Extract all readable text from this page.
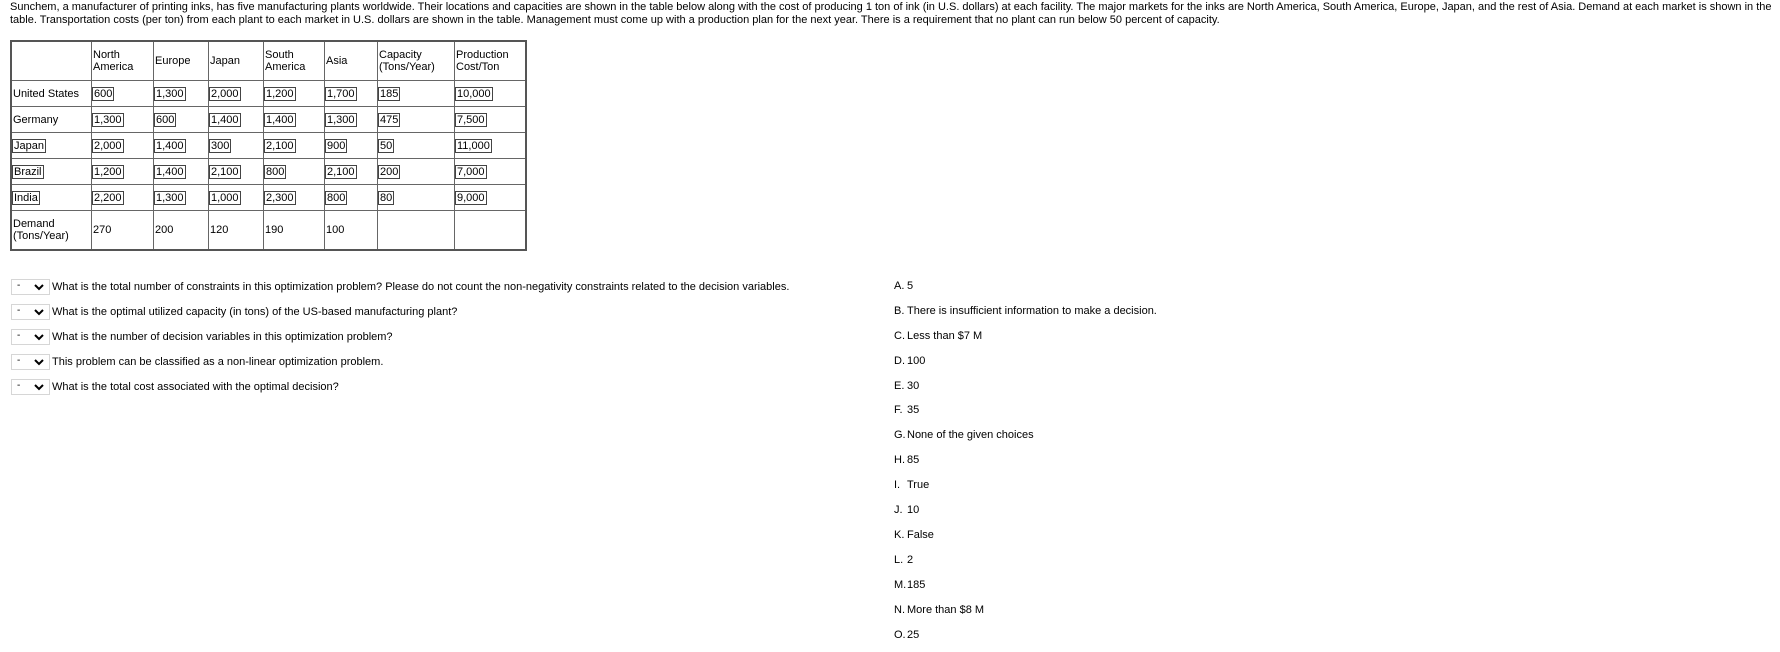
Sunchem, a manufacturer of printing inks, has five manufacturing plants worldwide. Their locations and capacities are shown in the table below along with the cost of producing 1 ton of ink (in U.S. dollars) at each facility. The major markets for the inks are North America, South America, Europe, Japan, and the rest of Asia. Demand at each market is shown in the table. Transportation costs (per ton) from each plant to each market in U.S. dollars are shown in the table. Management must come up with a production plan for the next year. There is a requirement that no plant can run below 50 percent of capacity.

	North America	Europe	Japan	South America	Asia	Capacity (Tons/Year)	Production Cost/Ton
United States	600	1,300	2,000	1,200	1,700	185	10,000
Germany	1,300	600	1,400	1,400	1,300	475	7,500
Japan	2,000	1,400	300	2,100	900	50	11,000
Brazil	1,200	1,400	2,100	800	2,100	200	7,000
India	2,200	1,300	1,000	2,300	800	80	9,000
Demand (Tons/Year)	270	200	120	190	100		
-	What is the total number of constraints in this optimization problem? Please do not count the non-negativity constraints related to the decision variables.
-	What is the optimal utilized capacity (in tons) of the US-based manufacturing plant?
-	What is the number of decision variables in this optimization problem?
-	This problem can be classified as a non-linear optimization problem.
-	What is the total cost associated with the optimal decision?
A. 5
B. There is insufficient information to make a decision.
C. Less than $7 M
D. 100
E. 30
F. 35
G.None of the given choices
H. 85
I. True
J. 10
K. False
L. 2
M.185
N. More than $8 M
O.25
